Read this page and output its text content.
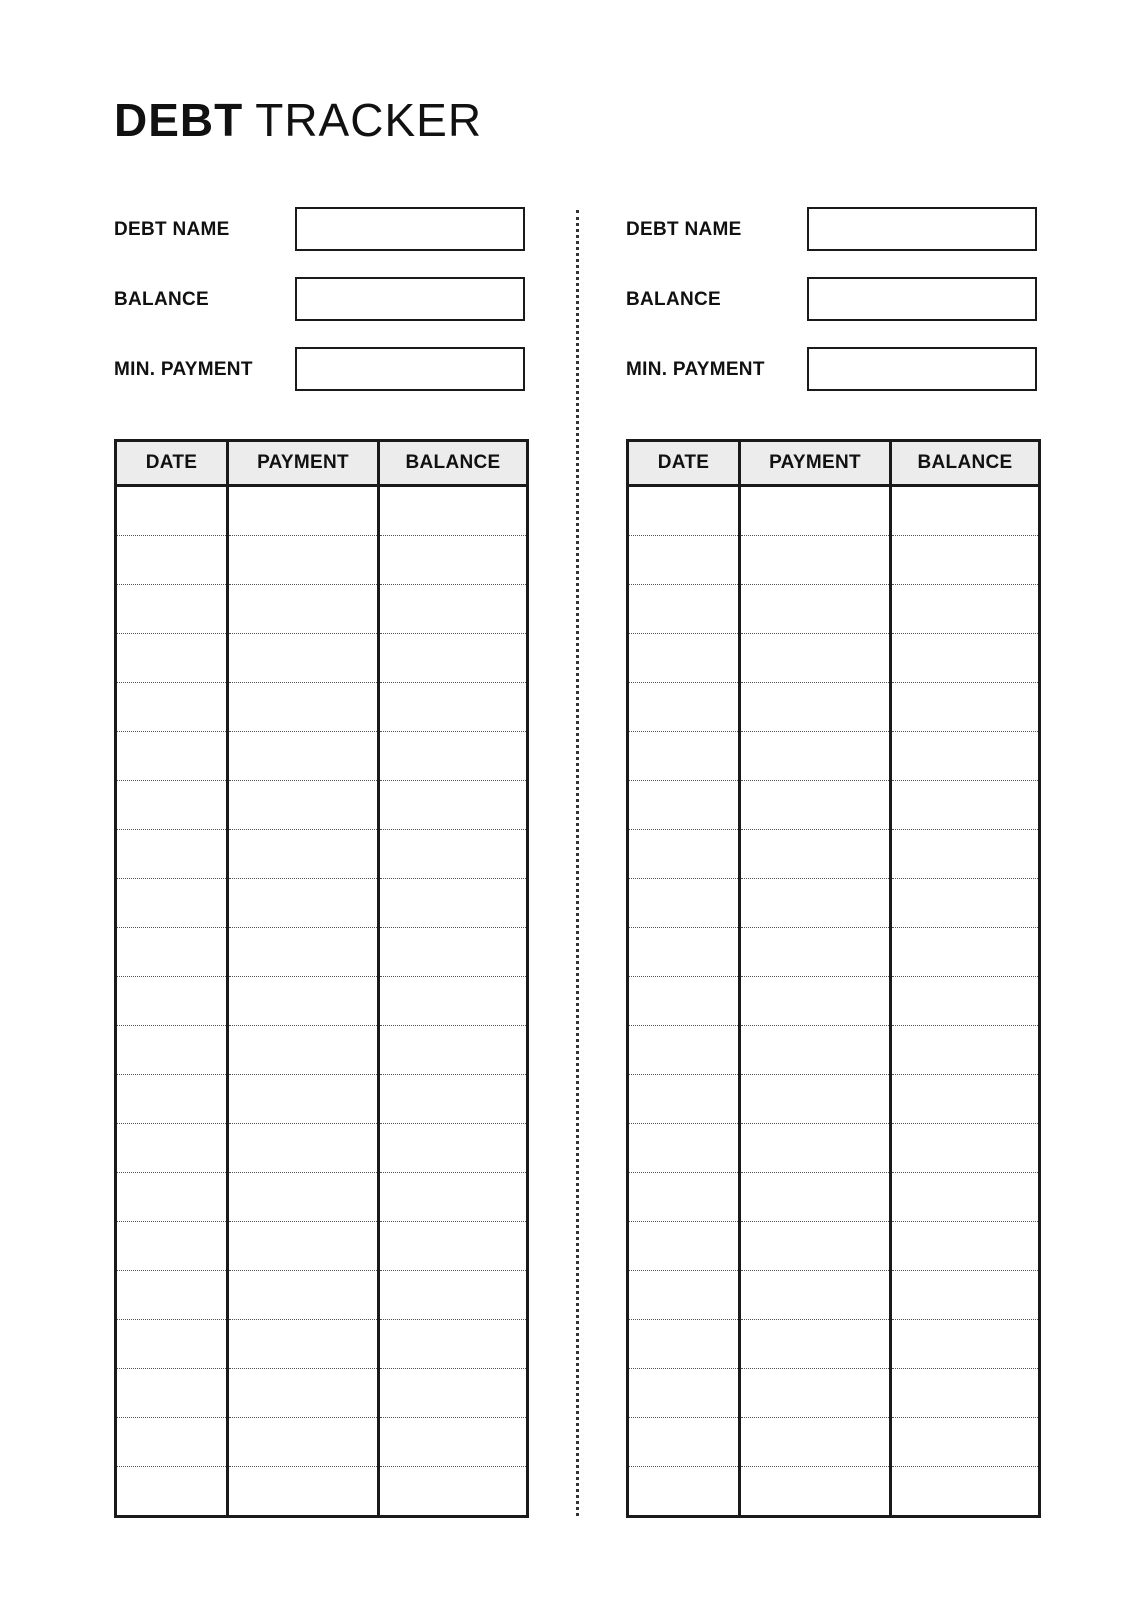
DEBT TRACKER
DEBT NAME
BALANCE
MIN. PAYMENT
DATE	PAYMENT	BALANCE

DEBT NAME
BALANCE
MIN. PAYMENT
DATE	PAYMENT	BALANCE
